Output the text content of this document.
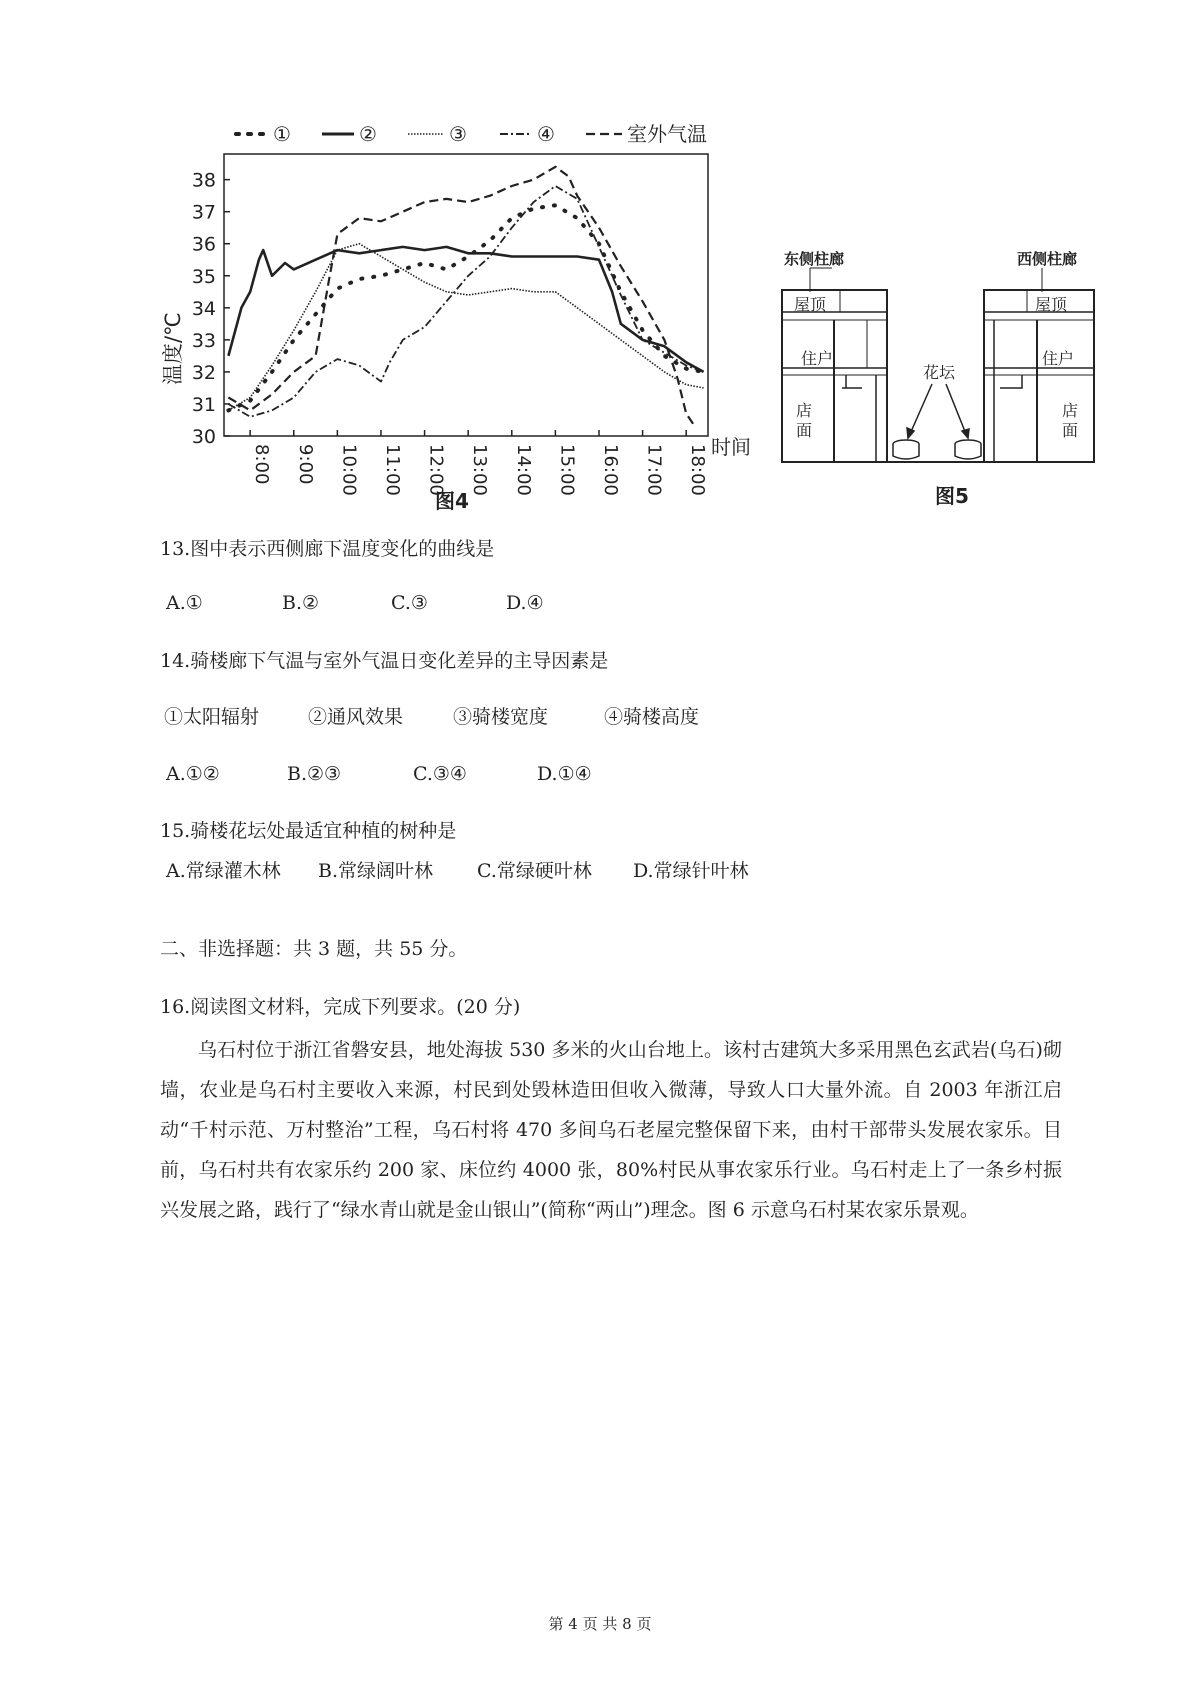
①	②	③	④	室外气温
温度/℃
时间
图4
30
31
32
33
34
35
36
37
38
8:00 9:00 10:00 11:00 12:00 13:00 14:00 15:00 16:00 17:00 18:00
东侧柱廊	西侧柱廊
屋顶
住户
屋顶
住户
店
面
店
面
花坛
图5
13.图中表示西侧廊下温度变化的曲线是
A.①	B.②	C.③	D.④
14.骑楼廊下气温与室外气温日变化差异的主导因素是
①太阳辐射	②通风效果	③骑楼宽度	④骑楼高度
A.①②	B.②③	C.③④	D.①④
15.骑楼花坛处最适宜种植的树种是
A.常绿灌木林 B.常绿阔叶林 C.常绿硬叶林 D.常绿针叶林
二、非选择题：共 3 题，共 55 分。
16.阅读图文材料，完成下列要求。(20 分)
乌石村位于浙江省磐安县，地处海拔 530 多米的火山台地上。该村古建筑大多采用黑色玄武岩(乌石)砌墙，农业是乌石村主要收入来源，村民到处毁林造田但收入微薄，导致人口大量外流。自 2003 年浙江启动“千村示范、万村整治”工程，乌石村将 470 多间乌石老屋完整保留下来，由村干部带头发展农家乐。目前，乌石村共有农家乐约 200 家、床位约 4000 张，80%村民从事农家乐行业。乌石村走上了一条乡村振兴发展之路，践行了“绿水青山就是金山银山”(简称“两山”)理念。图 6 示意乌石村某农家乐景观。
第 4 页 共 8 页
